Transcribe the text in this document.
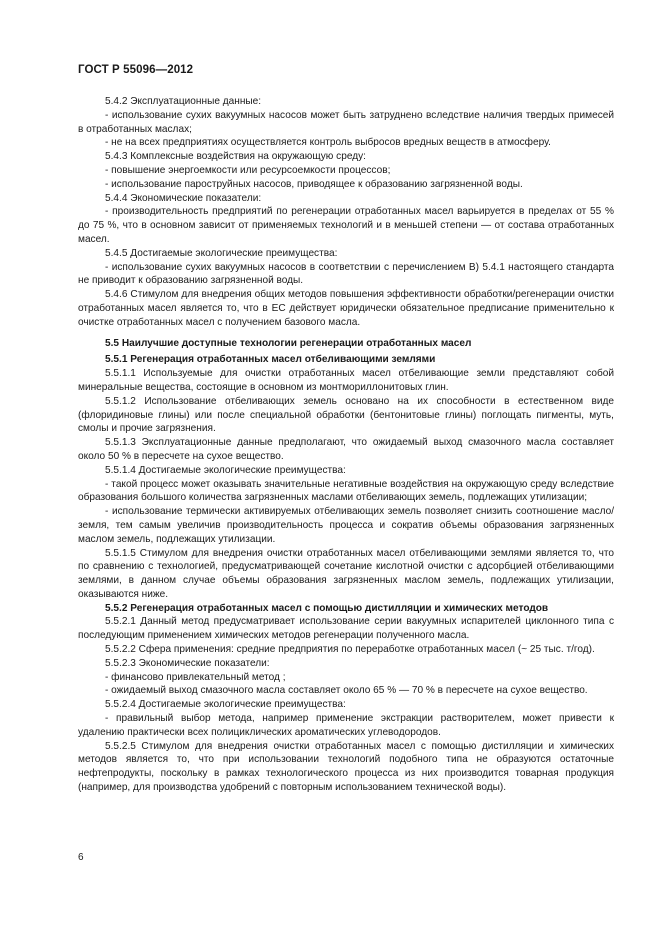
ГОСТ Р 55096—2012

5.4.2 Эксплуатационные данные:

- использование сухих вакуумных насосов может быть затруднено вследствие наличия твердых примесей в отработанных маслах;

- не на всех предприятиях осуществляется контроль выбросов вредных веществ в атмосферу.

5.4.3 Комплексные воздействия на окружающую среду:

- повышение энергоемкости или ресурсоемкости процессов;

- использование пароструйных насосов, приводящее к образованию загрязненной воды.

5.4.4 Экономические показатели:

- производительность предприятий по регенерации отработанных масел варьируется в пределах от 55 % до 75 %, что в основном зависит от применяемых технологий и в меньшей степени — от состава отработанных масел.

5.4.5 Достигаемые экологические преимущества:

- использование сухих вакуумных насосов в соответствии с перечислением В) 5.4.1 настоящего стандарта не приводит к образованию загрязненной воды.

5.4.6 Стимулом для внедрения общих методов повышения эффективности обработки/регенерации очистки отработанных масел является то, что в ЕС действует юридически обязательное предписание применительно к очистке отработанных масел с получением базового масла.

5.5 Наилучшие доступные технологии регенерации отработанных масел

5.5.1 Регенерация отработанных масел отбеливающими землями

5.5.1.1 Используемые для очистки отработанных масел отбеливающие земли представляют собой минеральные вещества, состоящие в основном из монтмориллонитовых глин.

5.5.1.2 Использование отбеливающих земель основано на их способности в естественном виде (флоридиновые глины) или после специальной обработки (бентонитовые глины) поглощать пигменты, муть, смолы и прочие загрязнения.

5.5.1.3 Эксплуатационные данные предполагают, что ожидаемый выход смазочного масла составляет около 50 % в пересчете на сухое вещество.

5.5.1.4 Достигаемые экологические преимущества:

- такой процесс может оказывать значительные негативные воздействия на окружающую среду вследствие образования большого количества загрязненных маслами отбеливающих земель, подлежащих утилизации;

- использование термически активируемых отбеливающих земель позволяет снизить соотношение масло/земля, тем самым увеличив производительность процесса и сократив объемы образования загрязненных маслом земель, подлежащих утилизации.

5.5.1.5 Стимулом для внедрения очистки отработанных масел отбеливающими землями является то, что по сравнению с технологией, предусматривающей сочетание кислотной очистки с адсорбцией отбеливающими землями, в данном случае объемы образования загрязненных маслом земель, подлежащих утилизации, оказываются ниже.

5.5.2 Регенерация отработанных масел с помощью дистилляции и химических методов

5.5.2.1 Данный метод предусматривает использование серии вакуумных испарителей циклонного типа с последующим применением химических методов регенерации полученного масла.

5.5.2.2 Сфера применения: средние предприятия по переработке отработанных масел (~ 25 тыс. т/год).

5.5.2.3 Экономические показатели:

- финансово привлекательный метод ;

- ожидаемый выход смазочного масла составляет около 65 % — 70 % в пересчете на сухое вещество.

5.5.2.4 Достигаемые экологические преимущества:

- правильный выбор метода, например применение экстракции растворителем, может привести к удалению практически всех полициклических ароматических углеводородов.

5.5.2.5 Стимулом для внедрения очистки отработанных масел с помощью дистилляции и химических методов является то, что при использовании технологий подобного типа не образуются остаточные нефтепродукты, поскольку в рамках технологического процесса из них производится товарная продукция (например, для производства удобрений с повторным использованием технической воды).

6
